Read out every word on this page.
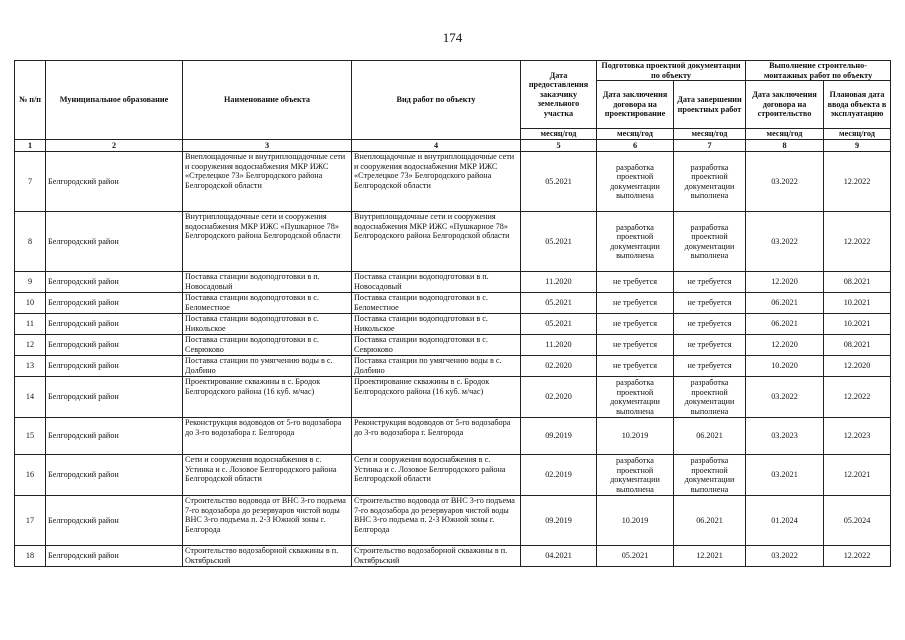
174
№ п/п	Муниципальное образование	Наименование объекта	Вид работ по объекту	Дата предоставления заказчику земельного участка	Подготовка проектной документации по объекту		Выполнение строительно-монтажных работ по объекту	
					Дата заключения договора на проектирование	Дата завершении проектных работ	Дата заключения договора на строительство	Плановая дата ввода объекта в эксплуатацию
				месяц/год	месяц/год	месяц/год	месяц/год	месяц/год
1	2	3	4	5	6	7	8	9
7	Белгородский район	Внеплощадочные и внутриплощадочные сети и сооружения водоснабжения МКР ИЖС «Стрелецкое 73» Белгородского района Белгородской области	Внеплощадочные и внутриплощадочные сети и сооружения водоснабжения МКР ИЖС «Стрелецкое 73» Белгородского района Белгородской области	05.2021	разработка проектной документации выполнена	разработка проектной документации выполнена	03.2022	12.2022
8	Белгородский район	Внутриплощадочные сети и сооружения водоснабжения МКР ИЖС «Пушкарное 78» Белгородского района Белгородской области	Внутриплощадочные сети и сооружения водоснабжения МКР ИЖС «Пушкарное 78» Белгородского района Белгородской области	05.2021	разработка проектной документации выполнена	разработка проектной документации выполнена	03.2022	12.2022
9	Белгородский район	Поставка станции водоподготовки в п. Новосадовый	Поставка станции водоподготовки в п. Новосадовый	11.2020	не требуется	не требуется	12.2020	08.2021
10	Белгородский район	Поставка станции водоподготовки в с. Беломестное	Поставка станции водоподготовки в с. Беломестное	05.2021	не требуется	не требуется	06.2021	10.2021
11	Белгородский район	Поставка станции водоподготовки в с. Никольское	Поставка станции водоподготовки в с. Никольское	05.2021	не требуется	не требуется	06.2021	10.2021
12	Белгородский район	Поставка станции водоподготовки в с. Севрюково	Поставка станции водоподготовки в с. Севрюково	11.2020	не требуется	не требуется	12.2020	08.2021
13	Белгородский район	Поставка станции по умягчению воды в с. Долбино	Поставка станции по умягчению воды в с. Долбино	02.2020	не требуется	не требуется	10.2020	12.2020
14	Белгородский район	Проектирование скважины в с. Бродок Белгородского района (16 куб. м/час)	Проектирование скважины в с. Бродок Белгородского района (16 куб. м/час)	02.2020	разработка проектной документации выполнена	разработка проектной документации выполнена	03.2022	12.2022
15	Белгородский район	Реконструкция водоводов от 5-го водозабора до 3-го водозабора г. Белгорода	Реконструкция водоводов от 5-го водозабора до 3-го водозабора г. Белгорода	09.2019	10.2019	06.2021	03.2023	12.2023
16	Белгородский район	Сети и сооружения водоснабжения в с. Устинка и с. Лозовое Белгородского района Белгородской области	Сети и сооружения водоснабжения в с. Устинка и с. Лозовое Белгородского района Белгородской области	02.2019	разработка проектной документации выполнена	разработка проектной документации выполнена	03.2021	12.2021
17	Белгородский район	Строительство водовода от ВНС 3-го подъема 7-го водозабора до резервуаров чистой воды ВНС 3-го подъема п. 2-3 Южной зоны г. Белгорода	Строительство водовода от ВНС 3-го подъема 7-го водозабора до резервуаров чистой воды ВНС 3-го подъема п. 2-3 Южной зоны г. Белгорода	09.2019	10.2019	06.2021	01.2024	05.2024
18	Белгородский район	Строительство водозаборной скважины в п. Октябрьский	Строительство водозаборной скважины в п. Октябрьский	04.2021	05.2021	12.2021	03.2022	12.2022
